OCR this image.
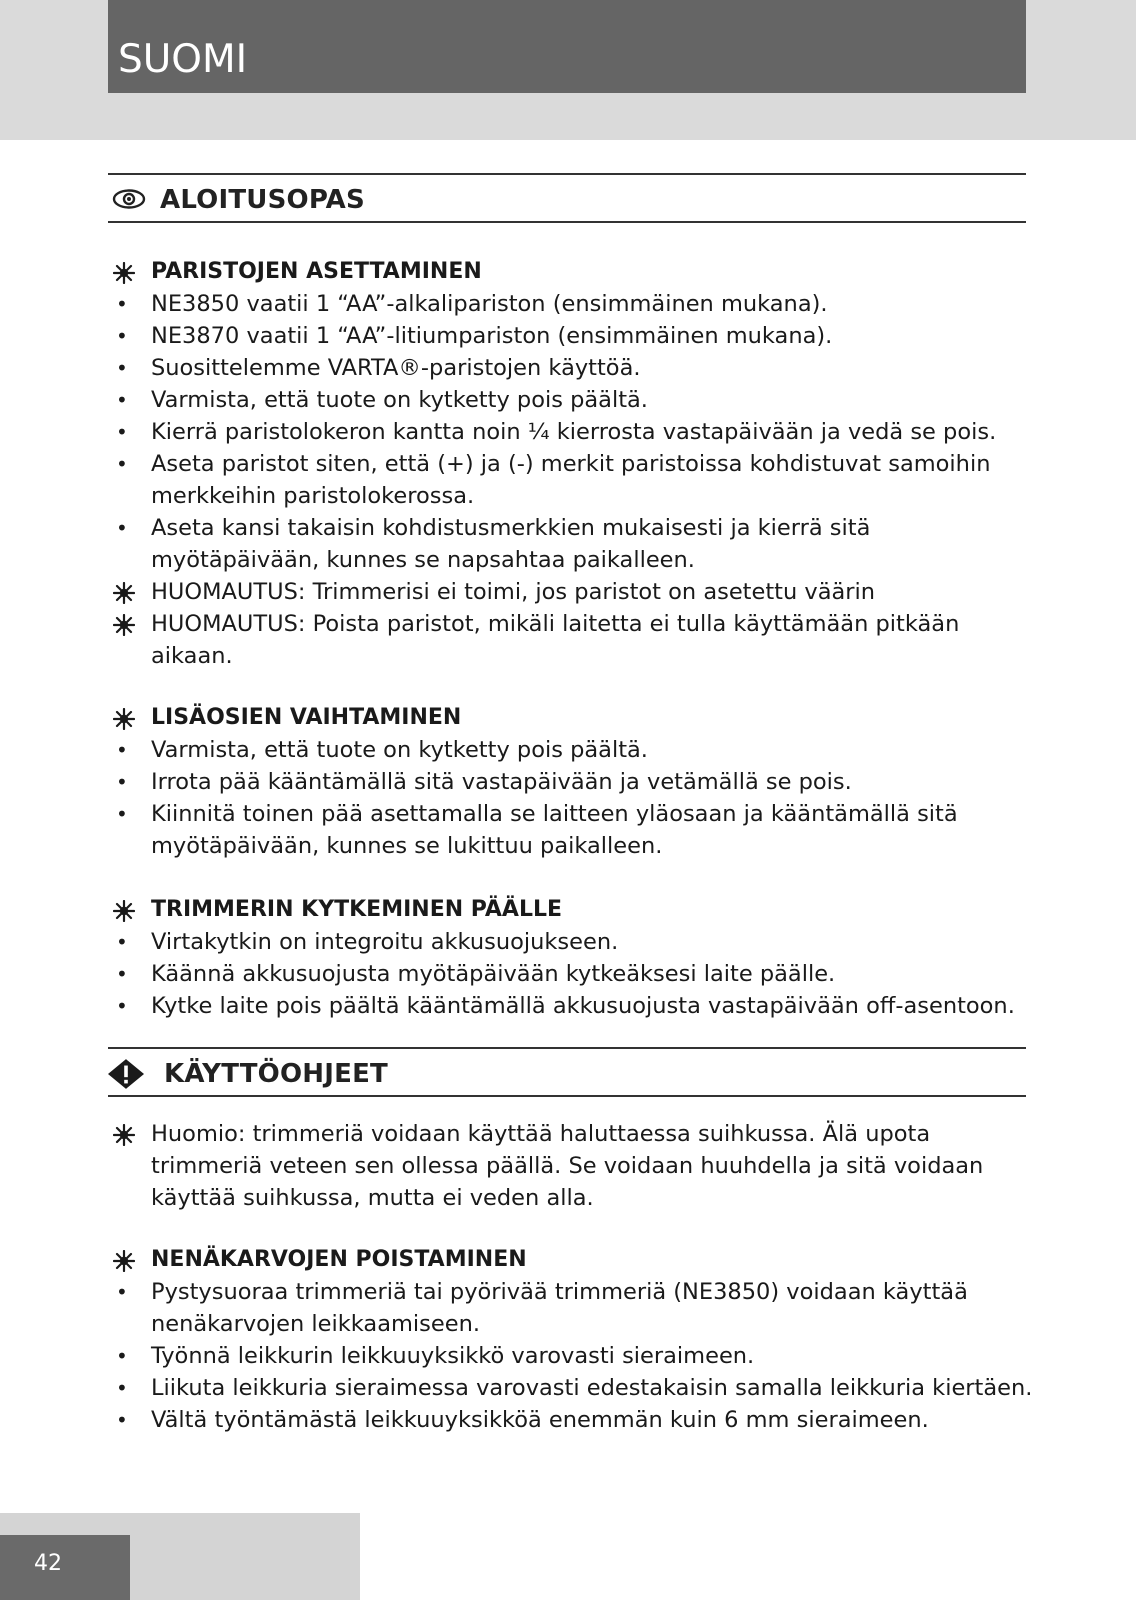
SUOMI
ALOITUSOPAS
KÄYTTÖOHJEET
PARISTOJEN ASETTAMINEN
•	NE3850 vaatii 1 “AA”-alkalipariston (ensimmäinen mukana).
•	NE3870 vaatii 1 “AA”-litiumpariston (ensimmäinen mukana).
•	Suosittelemme VARTA®-paristojen käyttöä.
•	Varmista, että tuote on kytketty pois päältä.
•	Kierrä paristolokeron kantta noin ¼ kierrosta vastapäivään ja vedä se pois.
•	Aseta paristot siten, että (+) ja (-) merkit paristoissa kohdistuvat samoihin
merkkeihin paristolokerossa.
•	Aseta kansi takaisin kohdistusmerkkien mukaisesti ja kierrä sitä
myötäpäivään, kunnes se napsahtaa paikalleen.
HUOMAUTUS: Trimmerisi ei toimi, jos paristot on asetettu väärin
HUOMAUTUS: Poista paristot, mikäli laitetta ei tulla käyttämään pitkään
aikaan.
LISÄOSIEN VAIHTAMINEN
•	Varmista, että tuote on kytketty pois päältä.
•	Irrota pää kääntämällä sitä vastapäivään ja vetämällä se pois.
•	Kiinnitä toinen pää asettamalla se laitteen yläosaan ja kääntämällä sitä
myötäpäivään, kunnes se lukittuu paikalleen.
TRIMMERIN KYTKEMINEN PÄÄLLE
•	Virtakytkin on integroitu akkusuojukseen.
•	Käännä akkusuojusta myötäpäivään kytkeäksesi laite päälle.
•	Kytke laite pois päältä kääntämällä akkusuojusta vastapäivään off-asentoon.
Huomio: trimmeriä voidaan käyttää haluttaessa suihkussa. Älä upota
trimmeriä veteen sen ollessa päällä. Se voidaan huuhdella ja sitä voidaan
käyttää suihkussa, mutta ei veden alla.
NENÄKARVOJEN POISTAMINEN
•	Pystysuoraa trimmeriä tai pyörivää trimmeriä (NE3850) voidaan käyttää
nenäkarvojen leikkaamiseen.
•	Työnnä leikkurin leikkuuyksikkö varovasti sieraimeen.
•	Liikuta leikkuria sieraimessa varovasti edestakaisin samalla leikkuria kiertäen.
•	Vältä työntämästä leikkuuyksikköä enemmän kuin 6 mm sieraimeen.
42
